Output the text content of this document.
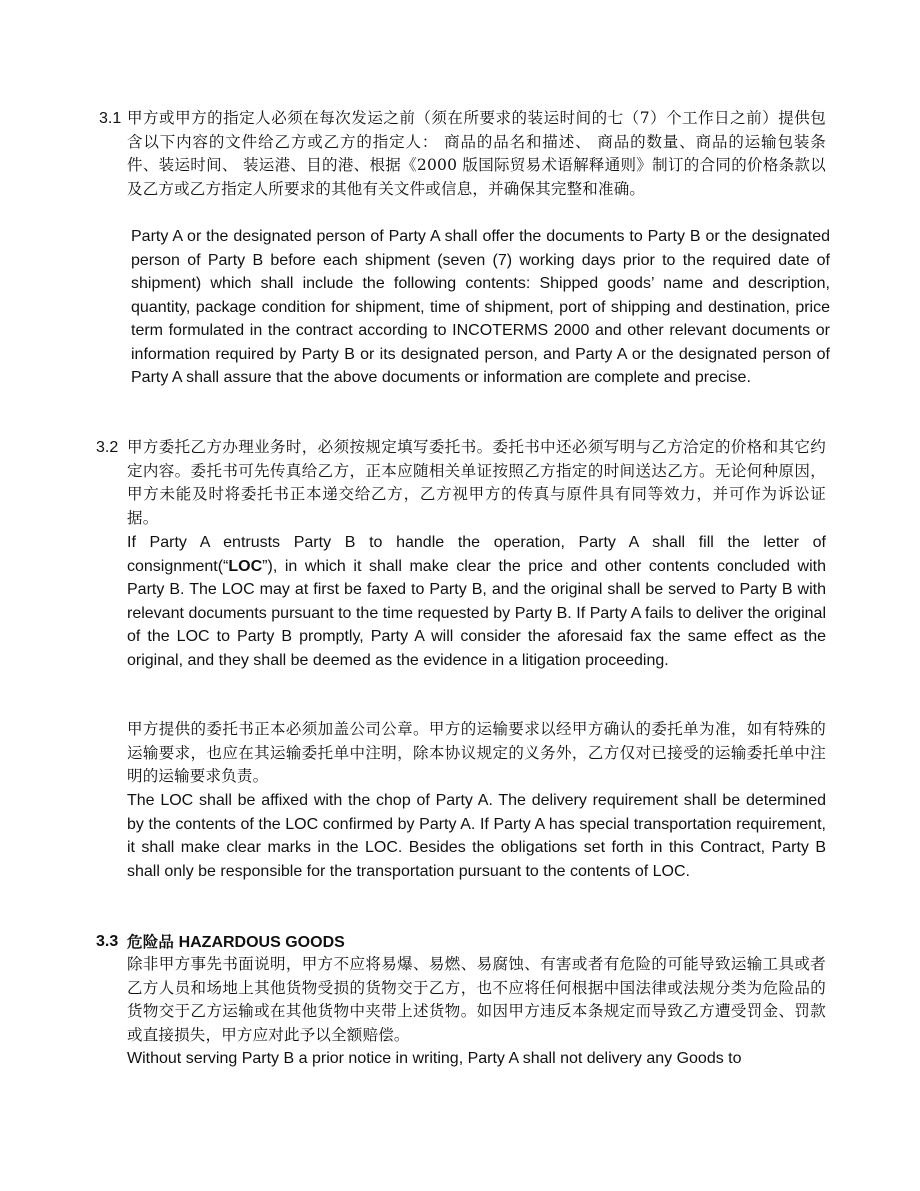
3.1 甲方或甲方的指定人必须在每次发运之前（须在所要求的装运时间的七（7）个工作日之前）提供包含以下内容的文件给乙方或乙方的指定人： 商品的品名和描述、 商品的数量、商品的运输包装条件、装运时间、 装运港、目的港、根据《2000 版国际贸易术语解释通则》制订的合同的价格条款以及乙方或乙方指定人所要求的其他有关文件或信息，并确保其完整和准确。
Party A or the designated person of Party A shall offer the documents to Party B or the designated person of Party B before each shipment (seven (7) working days prior to the required date of shipment) which shall include the following contents: Shipped goods’ name and description, quantity, package condition for shipment, time of shipment, port of shipping and destination, price term formulated in the contract according to INCOTERMS 2000 and other relevant documents or information required by Party B or its designated person, and Party A or the designated person of Party A shall assure that the above documents or information are complete and precise.
3.2 甲方委托乙方办理业务时，必须按规定填写委托书。委托书中还必须写明与乙方洽定的价格和其它约定内容。委托书可先传真给乙方，正本应随相关单证按照乙方指定的时间送达乙方。无论何种原因，甲方未能及时将委托书正本递交给乙方，乙方视甲方的传真与原件具有同等效力，并可作为诉讼证据。
If Party A entrusts Party B to handle the operation, Party A shall fill the letter of consignment(“LOC”), in which it shall make clear the price and other contents concluded with Party B. The LOC may at first be faxed to Party B, and the original shall be served to Party B with relevant documents pursuant to the time requested by Party B. If Party A fails to deliver the original of the LOC to Party B promptly, Party A will consider the aforesaid fax the same effect as the original, and they shall be deemed as the evidence in a litigation proceeding.
甲方提供的委托书正本必须加盖公司公章。甲方的运输要求以经甲方确认的委托单为准，如有特殊的运输要求，也应在其运输委托单中注明，除本协议规定的义务外，乙方仅对已接受的运输委托单中注明的运输要求负责。
The LOC shall be affixed with the chop of Party A. The delivery requirement shall be determined by the contents of the LOC confirmed by Party A. If Party A has special transportation requirement, it shall make clear marks in the LOC. Besides the obligations set forth in this Contract, Party B shall only be responsible for the transportation pursuant to the contents of LOC.
3.3 危险品 HAZARDOUS GOODS
除非甲方事先书面说明，甲方不应将易爆、易燃、易腐蚀、有害或者有危险的可能导致运输工具或者乙方人员和场地上其他货物受损的货物交于乙方，也不应将任何根据中国法律或法规分类为危险品的货物交于乙方运输或在其他货物中夹带上述货物。如因甲方违反本条规定而导致乙方遭受罚金、罚款或直接损失，甲方应对此予以全额赔偿。
Without serving Party B a prior notice in writing, Party A shall not delivery any Goods to
